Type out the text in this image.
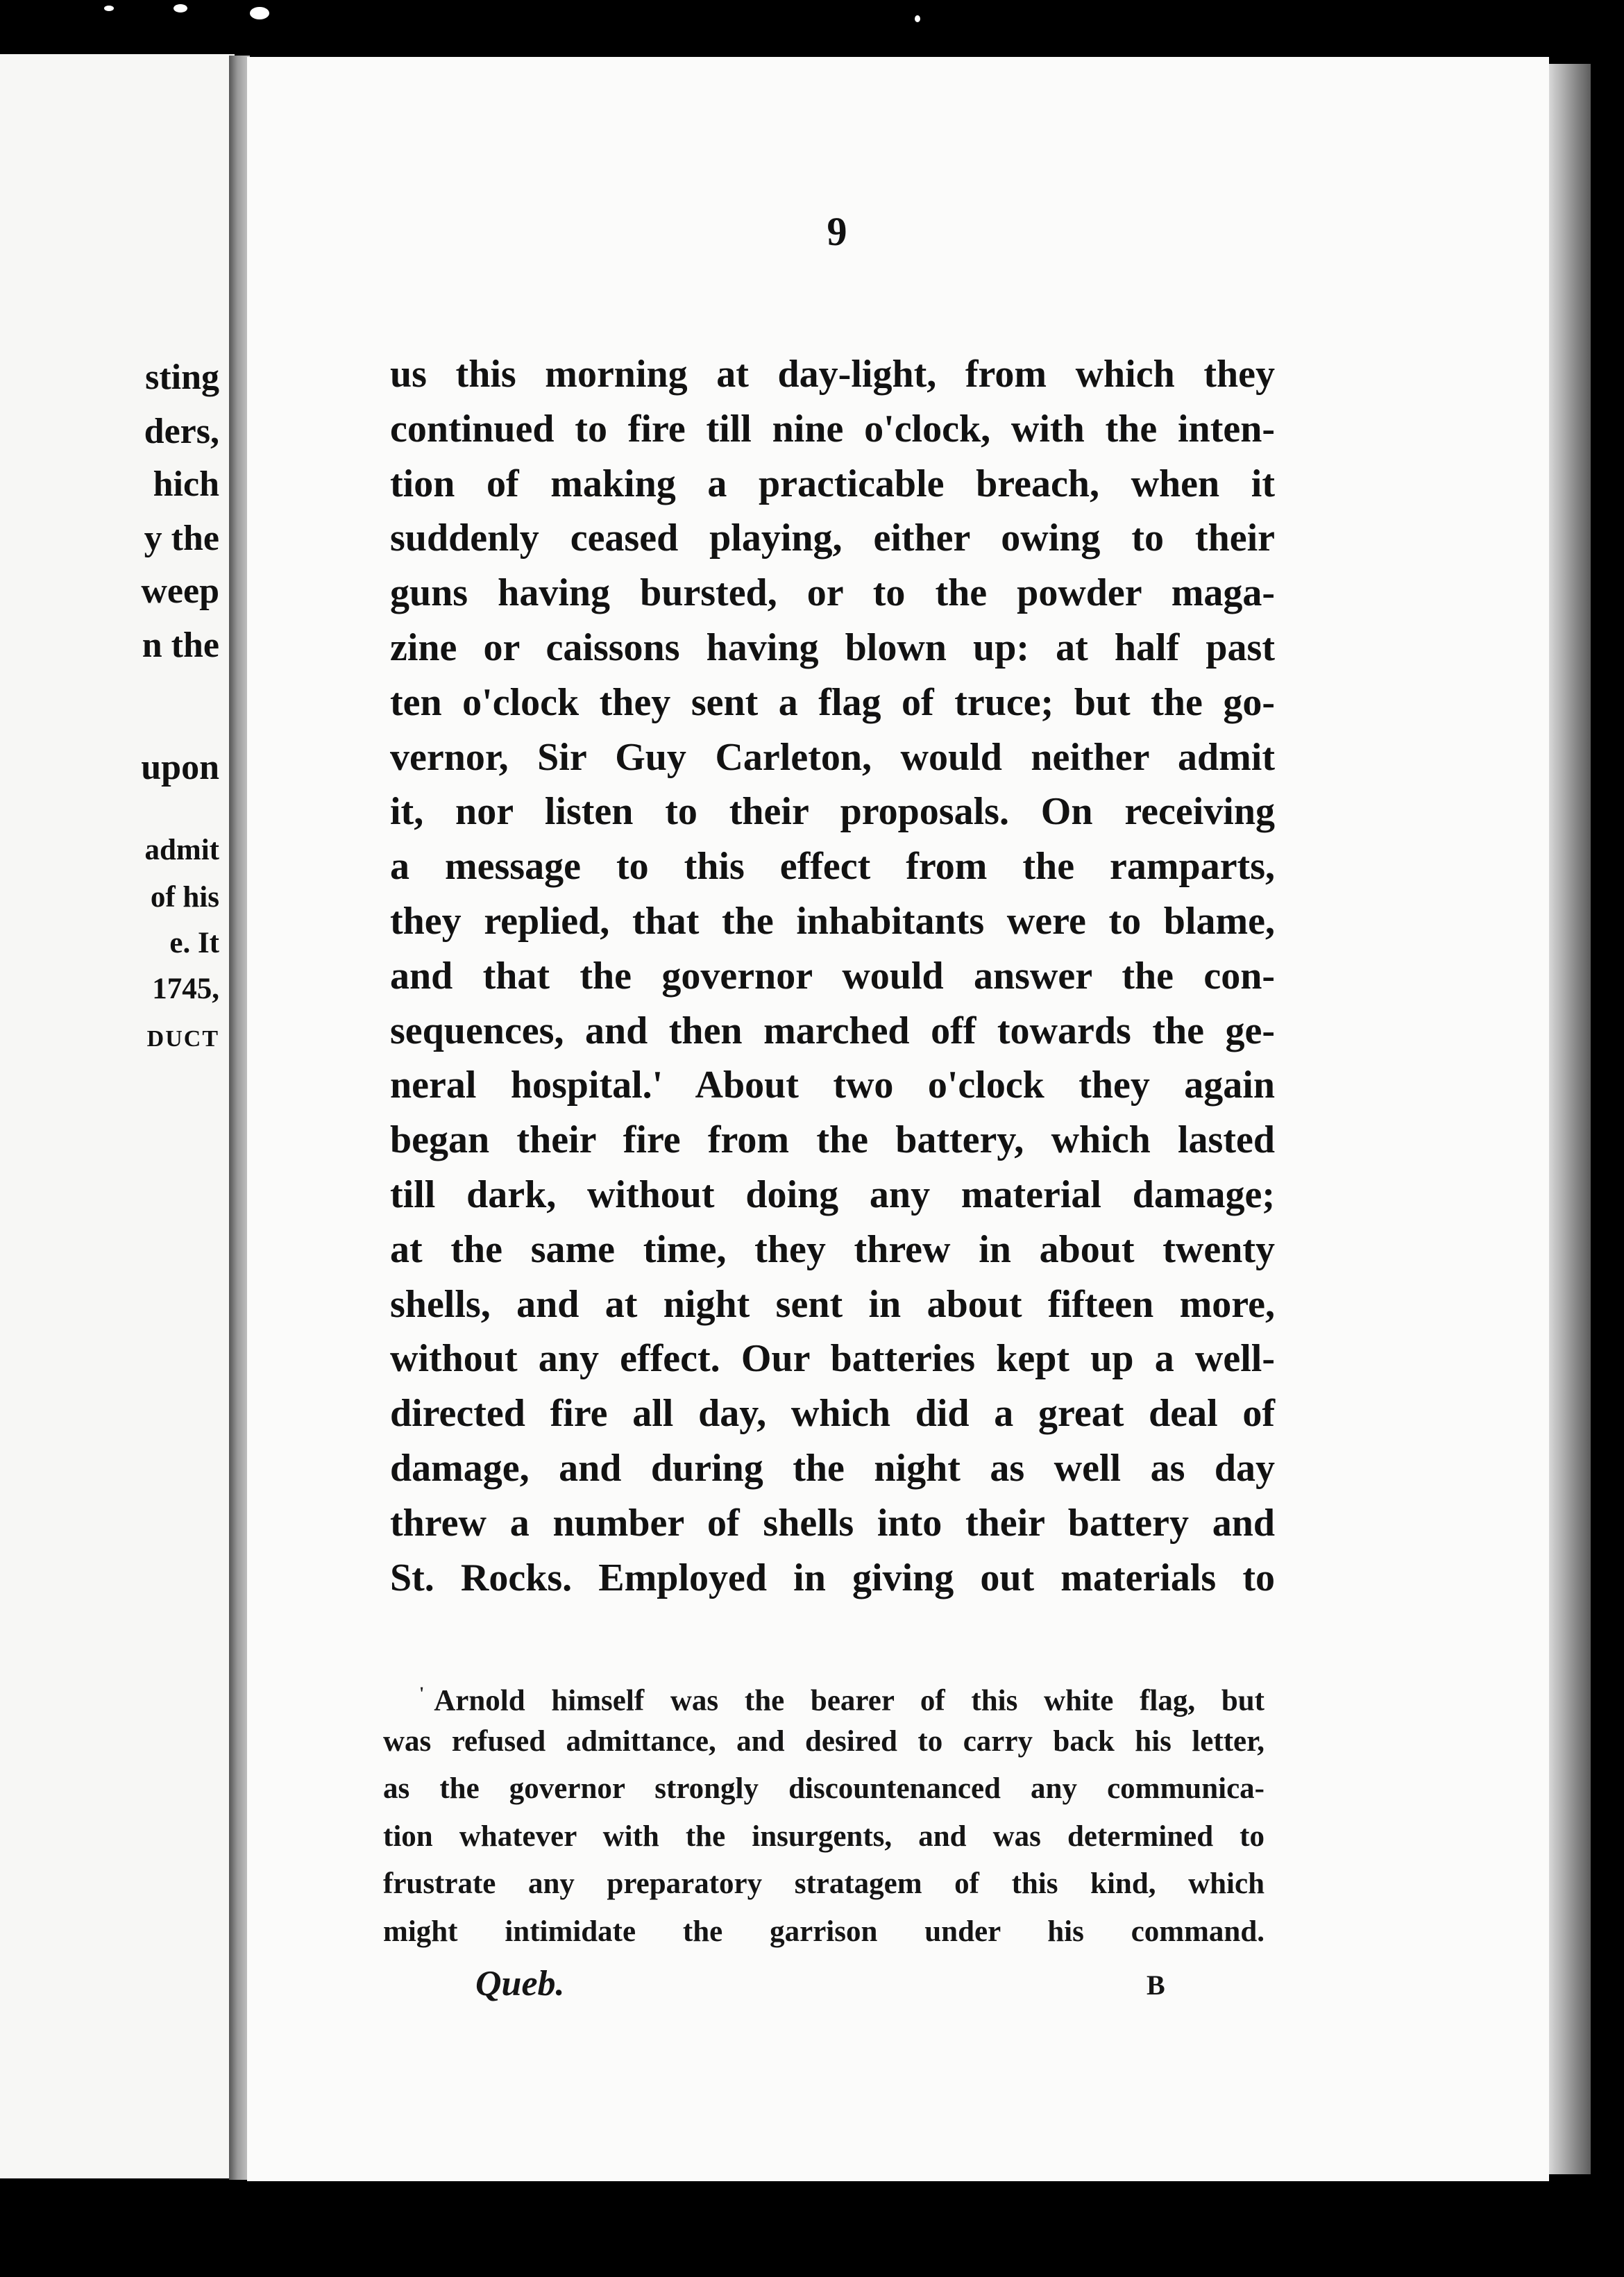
sting
ders,
hich
y the
weep
n the
upon
admit
of his
e. It
1745,
DUCT
9
us this morning at day-light, from which they
continued to fire till nine o'clock, with the inten-
tion of making a practicable breach, when it
suddenly ceased playing, either owing to their
guns having bursted, or to the powder maga-
zine or caissons having blown up: at half past
ten o'clock they sent a flag of truce; but the go-
vernor, Sir Guy Carleton, would neither admit
it, nor listen to their proposals. On receiving
a message to this effect from the ramparts,
they replied, that the inhabitants were to blame,
and that the governor would answer the con-
sequences, and then marched off towards the ge-
neral hospital.' About two o'clock they again
began their fire from the battery, which lasted
till dark, without doing any material damage;
at the same time, they threw in about twenty
shells, and at night sent in about fifteen more,
without any effect. Our batteries kept up a well-
directed fire all day, which did a great deal of
damage, and during the night as well as day
threw a number of shells into their battery and
St. Rocks. Employed in giving out materials to
' Arnold himself was the bearer of this white flag, but
was refused admittance, and desired to carry back his letter,
as the governor strongly discountenanced any communica-
tion whatever with the insurgents, and was determined to
frustrate any preparatory stratagem of this kind, which
might intimidate the garrison under his command.
Queb.	B
